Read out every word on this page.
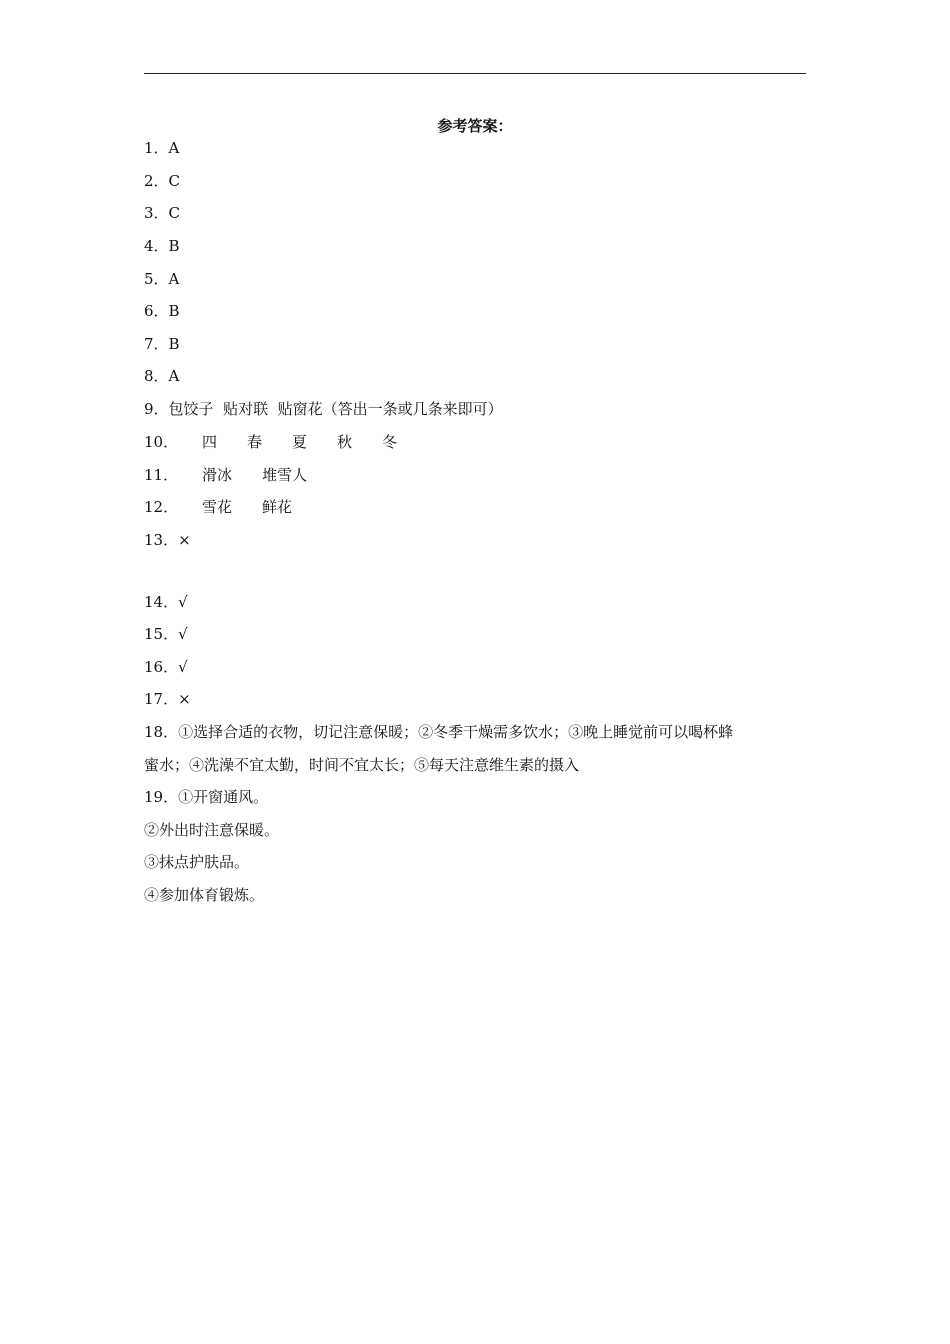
参考答案：
1．A
2．C
3．C
4．B
5．A
6．B
7．B
8．A
9．包饺子  贴对联  贴窗花（答出一条或几条来即可）
10． 四 春 夏 秋 冬
11． 滑冰 堆雪人
12． 雪花 鲜花
13．×
14．√
15．√
16．√
17．×
18．①选择合适的衣物，切记注意保暖；②冬季干燥需多饮水；③晚上睡觉前可以喝杯蜂
蜜水；④洗澡不宜太勤，时间不宜太长；⑤每天注意维生素的摄入
19．①开窗通风。
②外出时注意保暖。
③抹点护肤品。
④参加体育锻炼。
